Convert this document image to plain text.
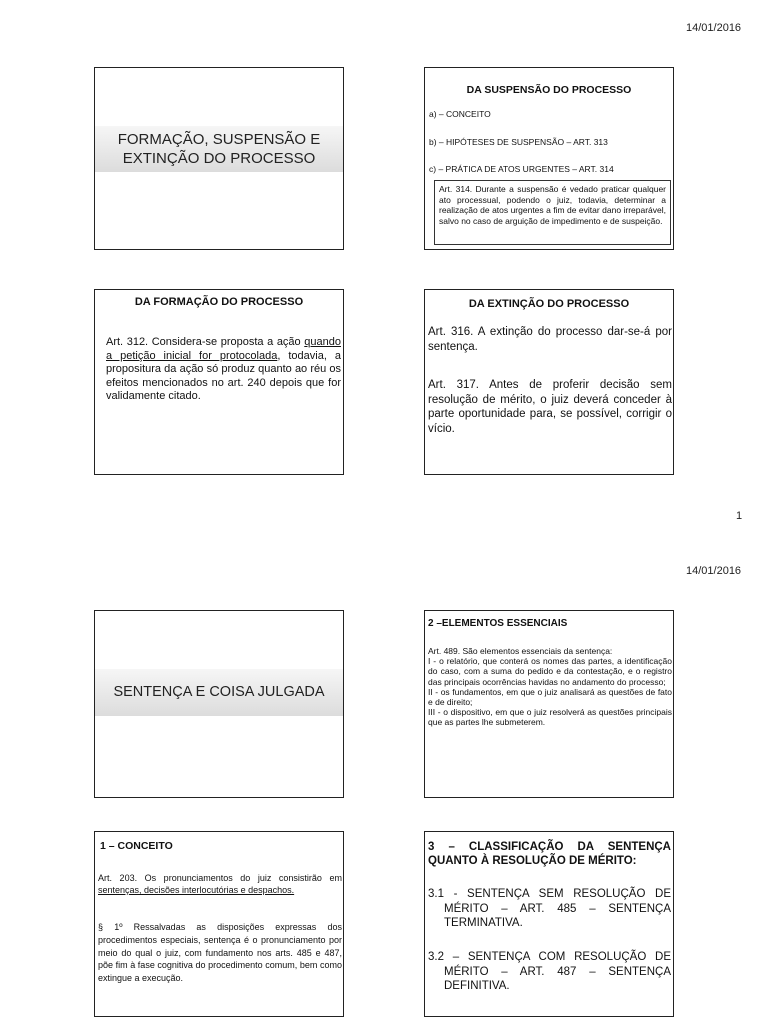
14/01/2016
FORMAÇÃO, SUSPENSÃO E
EXTINÇÃO DO PROCESSO
DA SUSPENSÃO DO PROCESSO
a) – CONCEITO
b) – HIPÓTESES DE SUSPENSÃO – ART. 313
c) – PRÁTICA DE ATOS URGENTES – ART. 314

Art. 314. Durante a suspensão é vedado praticar qualquer ato processual, podendo o juiz, todavia, determinar a realização de atos urgentes a fim de evitar dano irreparável, salvo no caso de arguição de impedimento e de suspeição.

DA FORMAÇÃO DO PROCESSO
Art. 312. Considera-se proposta a ação quando a petição inicial for protocolada, todavia, a propositura da ação só produz quanto ao réu os efeitos mencionados no art. 240 depois que for validamente citado.
DA EXTINÇÃO DO PROCESSO
Art. 316. A extinção do processo dar-se-á por sentença.
Art. 317. Antes de proferir decisão sem resolução de mérito, o juiz deverá conceder à parte oportunidade para, se possível, corrigir o vício.
1
14/01/2016
SENTENÇA E COISA JULGADA
2 –ELEMENTOS ESSENCIAIS

Art. 489. São elementos essenciais da sentença:

I - o relatório, que conterá os nomes das partes, a identificação do caso, com a suma do pedido e da contestação, e o registro das principais ocorrências havidas no andamento do processo;

II - os fundamentos, em que o juiz analisará as questões de fato e de direito;

III - o dispositivo, em que o juiz resolverá as questões principais que as partes lhe submeterem.

1 – CONCEITO
Art. 203. Os pronunciamentos do juiz consistirão em sentenças, decisões interlocutórias e despachos.
§ 1º Ressalvadas as disposições expressas dos procedimentos especiais, sentença é o pronunciamento por meio do qual o juiz, com fundamento nos arts. 485 e 487, põe fim à fase cognitiva do procedimento comum, bem como extingue a execução.
3 – CLASSIFICAÇÃO DA SENTENÇA QUANTO À RESOLUÇÃO DE MÉRITO:
3.1 - SENTENÇA SEM RESOLUÇÃO DE MÉRITO – ART. 485 – SENTENÇA TERMINATIVA.
3.2 – SENTENÇA COM RESOLUÇÃO DE MÉRITO – ART. 487 – SENTENÇA DEFINITIVA.
